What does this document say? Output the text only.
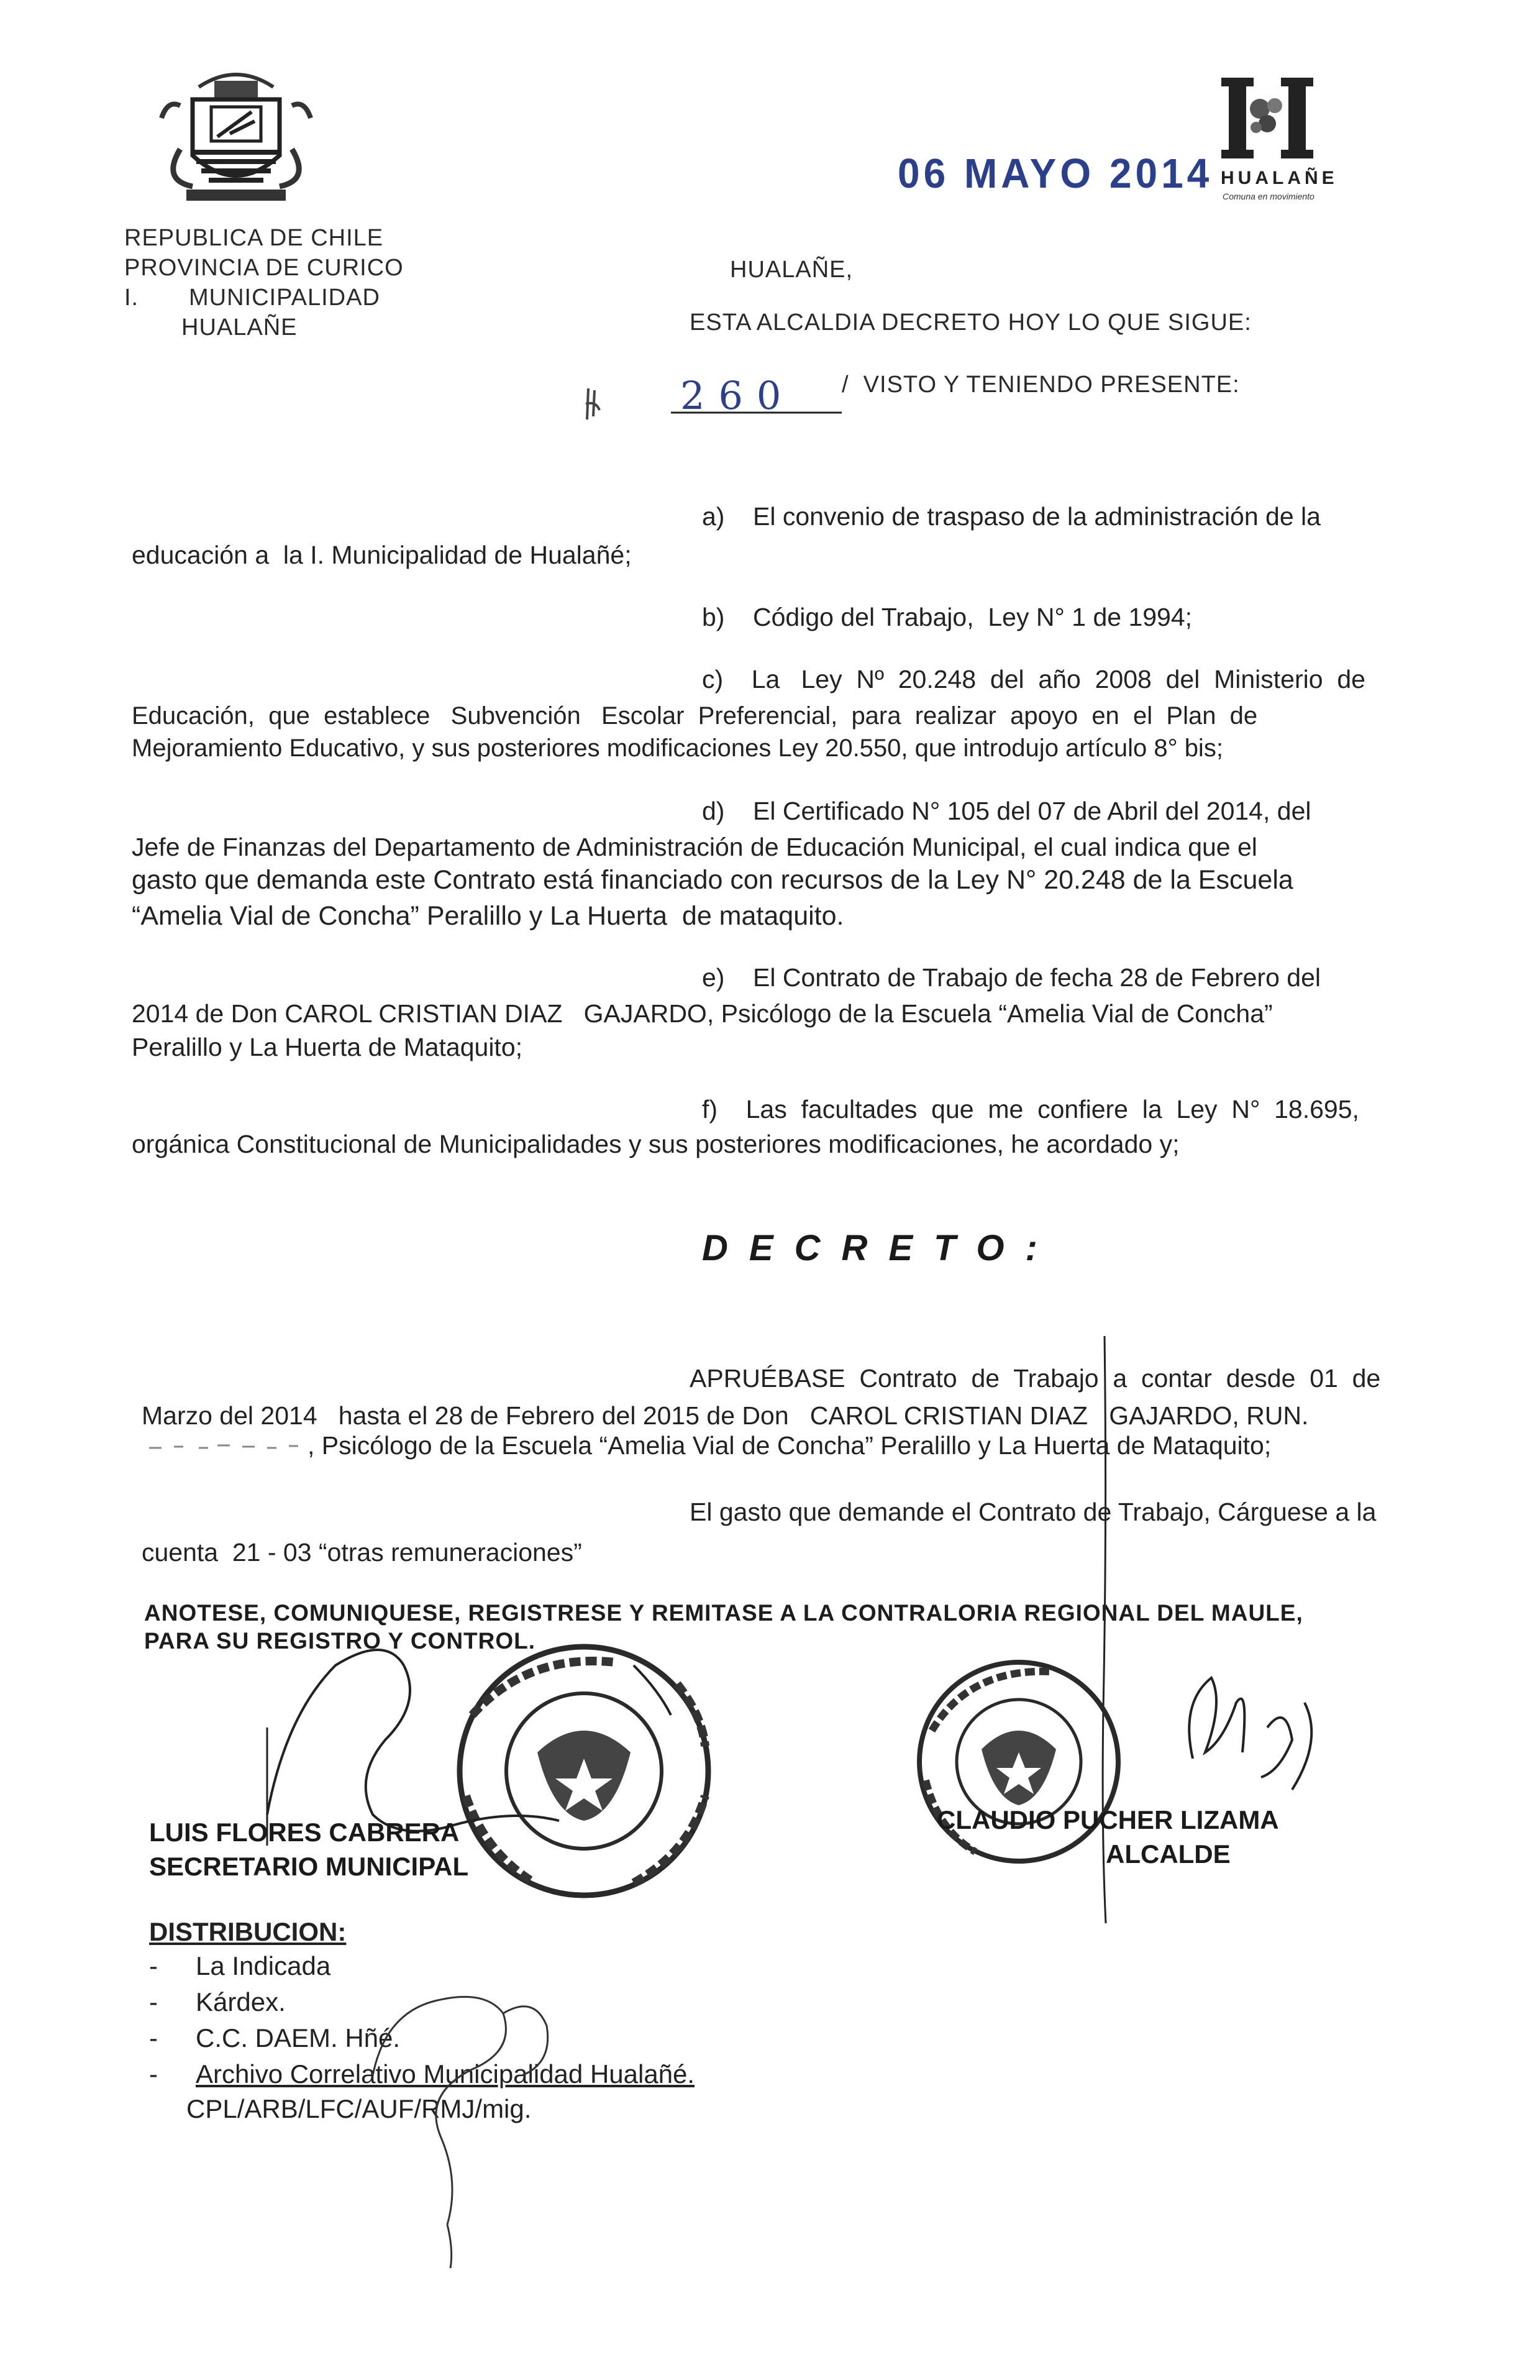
REPUBLICA DE CHILE
PROVINCIA DE CURICO
I.       MUNICIPALIDAD
HUALAÑE
06 MAYO 2014 HUALAÑE
Comuna en movimiento
HUALAÑE,
ESTA ALCALDIA DECRETO HOY LO QUE SIGUE:
260 /  VISTO Y TENIENDO PRESENTE:
a)    El convenio de traspaso de la administración de la
educación a  la I. Municipalidad de Hualañé;
b)    Código del Trabajo,  Ley N° 1 de 1994;
c)    La   Ley  Nº  20.248  del  año  2008  del  Ministerio  de
Educación,  que  establece   Subvención   Escolar  Preferencial,  para  realizar  apoyo  en  el  Plan  de
Mejoramiento Educativo, y sus posteriores modificaciones Ley 20.550, que introdujo artículo 8° bis;
d)    El Certificado N° 105 del 07 de Abril del 2014, del
Jefe de Finanzas del Departamento de Administración de Educación Municipal, el cual indica que el
gasto que demanda este Contrato está financiado con recursos de la Ley N° 20.248 de la Escuela
“Amelia Vial de Concha” Peralillo y La Huerta  de mataquito.
e)    El Contrato de Trabajo de fecha 28 de Febrero del
2014 de Don CAROL CRISTIAN DIAZ   GAJARDO, Psicólogo de la Escuela “Amelia Vial de Concha”
Peralillo y La Huerta de Mataquito;
f)    Las  facultades  que  me  confiere  la  Ley  N°  18.695,
orgánica Constitucional de Municipalidades y sus posteriores modificaciones, he acordado y;
DECRETO:
APRUÉBASE  Contrato  de  Trabajo  a  contar  desde  01  de
Marzo del 2014   hasta el 28 de Febrero del 2015 de Don   CAROL CRISTIAN DIAZ   GAJARDO, RUN.
, Psicólogo de la Escuela “Amelia Vial de Concha” Peralillo y La Huerta de Mataquito;
El gasto que demande el Contrato de Trabajo, Cárguese a la
cuenta  21 - 03 “otras remuneraciones”
ANOTESE, COMUNIQUESE, REGISTRESE Y REMITASE A LA CONTRALORIA REGIONAL DEL MAULE,
PARA SU REGISTRO Y CONTROL.
LUIS FLORES CABRERA
SECRETARIO MUNICIPAL
CLAUDIO PUCHER LIZAMA
ALCALDE
DISTRIBUCION:
- La Indicada
- Kárdex.
- C.C. DAEM. Hñé.
- Archivo Correlativo Municipalidad Hualañé.
CPL/ARB/LFC/AUF/RMJ/mig.
